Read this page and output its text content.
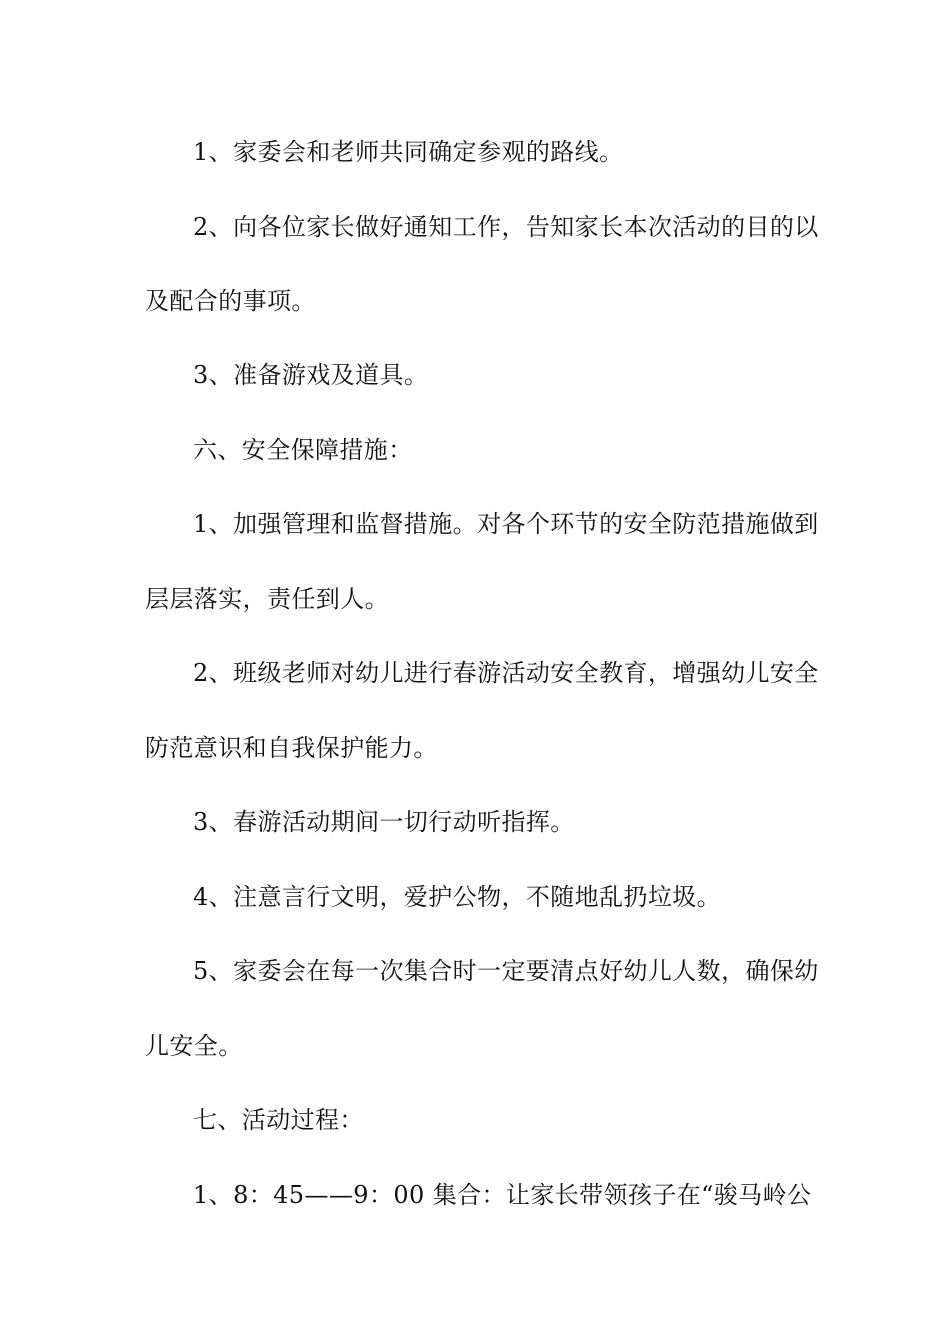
1、家委会和老师共同确定参观的路线。
2、向各位家长做好通知工作，告知家长本次活动的目的以
及配合的事项。
3、准备游戏及道具。
六、安全保障措施：
1、加强管理和监督措施。对各个环节的安全防范措施做到
层层落实，责任到人。
2、班级老师对幼儿进行春游活动安全教育，增强幼儿安全
防范意识和自我保护能力。
3、春游活动期间一切行动听指挥。
4、注意言行文明，爱护公物，不随地乱扔垃圾。
5、家委会在每一次集合时一定要清点好幼儿人数，确保幼
儿安全。
七、活动过程：
1、8：45——9：00 集合：让家长带领孩子在“骏马岭公
